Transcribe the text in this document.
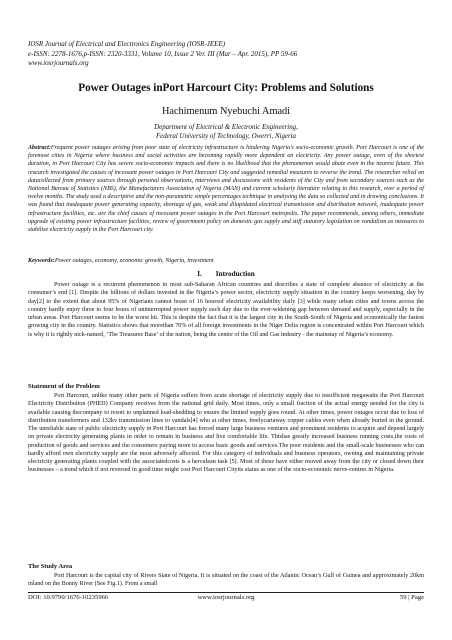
IOSR Journal of Electrical and Electronics Engineering (IOSR-JEEE)
e-ISSN: 2278-1676,p-ISSN: 2320-3331, Volume 10, Issue 2 Ver. III (Mar – Apr. 2015), PP 59-66
www.iosrjournals.org
Power Outages inPort Harcourt City: Problems and Solutions
Hachimenum Nyebuchi Amadi
Department of Electrical & Electronic Engineering,
Federal University of Technology, Owerri, Nigeria
Abstract:Frequent power outages arising from poor state of electricity infrastructure is hindering Nigeria’s socio-economic growth. Port Harcourt is one of the foremost cities in Nigeria where business and social activities are becoming rapidly more dependent on electricity. Any power outage, even of the shortest duration, in Port Harcourt City has severe socio-economic impacts and there is no likelihood that the phenomenon would abate even in the nearest future. This research investigated the causes of incessant power outages in Port Harcourt City and suggested remedial measures to reverse the trend. The researcher relied on datacollected from primary sources through personal observations, interviews and discussions with residents of the City and from secondary sources such as the National Bureau of Statistics (NBS), the Manufacturers Association of Nigeria (MAN) and current scholarly literature relating to this research, over a period of twelve months. The study used a descriptive and the non-parametric simple percentages technique in analysing the data so collected and in drawing conclusions. It was found that inadequate power generating capacity, shortage of gas, weak and dilapidated electrical transmission and distribution network, inadequate power infrastructure facilities, etc. are the chief causes of incessant power outages in the Port Harcourt metropolis. The paper recommends, among others, immediate upgrade of existing power infrastructure facilities, review of government policy on domestic gas supply and stiff statutory legislation on vandalism as measures to stabilise electricity supply in the Port Harcourt city.
Keywords:Power outages, economy, economic growth, Nigeria, investment
I. Introduction
Power outage is a recurrent phenomenon in most sub-Saharan African countries and describes a state of complete absence of electricity at the consumer’s end [1]. Despite the billions of dollars invested in the Nigeria’s power sector, electricity supply situation in the country keeps worsening, day by day[2] to the extent that about 95% of Nigerians cannot boast of 16 hoursof electricity availability daily [3] while many urban cities and towns across the country hardly enjoy three to four hours of uninterrupted power supply each day due to the ever-widening gap between demand and supply, especially in the urban areas. Port Harcourt seems to be the worst hit. This is despite the fact that it is the largest city in the South-South of Nigeria and economically the fastest growing city in the country. Statistics shows that morethan 70% of all foreign investments in the Niger Delta region is concentrated within Port Harcourt which is why it is rightly nick-named, ‘The Treasures Base’ of the nation, being the centre of the Oil and Gas industry - the mainstay of Nigeria’s economy.
Statement of the Problem
Port Harcourt, unlike many other parts of Nigeria suffers from acute shortage of electricity supply due to insufficient megawatts the Port Harcourt Electricity Distribution (PHED) Company receives from the national grid daily. Most times, only a small fraction of the actual energy needed for the city is available causing thecompany to resort to unplanned load-shedding to ensure the limited supply goes round. At other times, power outages occur due to loss of distribution transformers and 132kv transmission lines to vandals[4] who at other times, freelycartaway copper cables even when already buried in the ground. The unreliable state of public electricity supply in Port Harcourt has forced many large business ventures and prominent residents to acquire and depend largely on private electricity generating plants in order to remain in business and live comfortable life. Thishas greatly increased business running costs,the costs of production of goods and services and the consumers paying more to access basic goods and services.The poor residents and the small-scale businesses who can hardly afford own electricity supply are the most adversely affected. For this category of individuals and business operators, owning and maintaining private electricity generating plants coupled with the associatedcosts is a herculean task [5]. Most of these have either moved away from the city or closed down their businesses – a trend which if not reversed in good time might cost Port Harcourt Cityits status as one of the socio-economic nerve-centres in Nigeria.
The Study Area
Port Harcourt is the capital city of Rivers State of Nigeria. It is situated on the coast of the Atlantic Ocean’s Gulf of Guinea and approximately 20km inland on the Bonny River (See Fig.1). From a small
DOI: 10.9790/1676-10235966	www.iosrjournals.org	59 | Page
